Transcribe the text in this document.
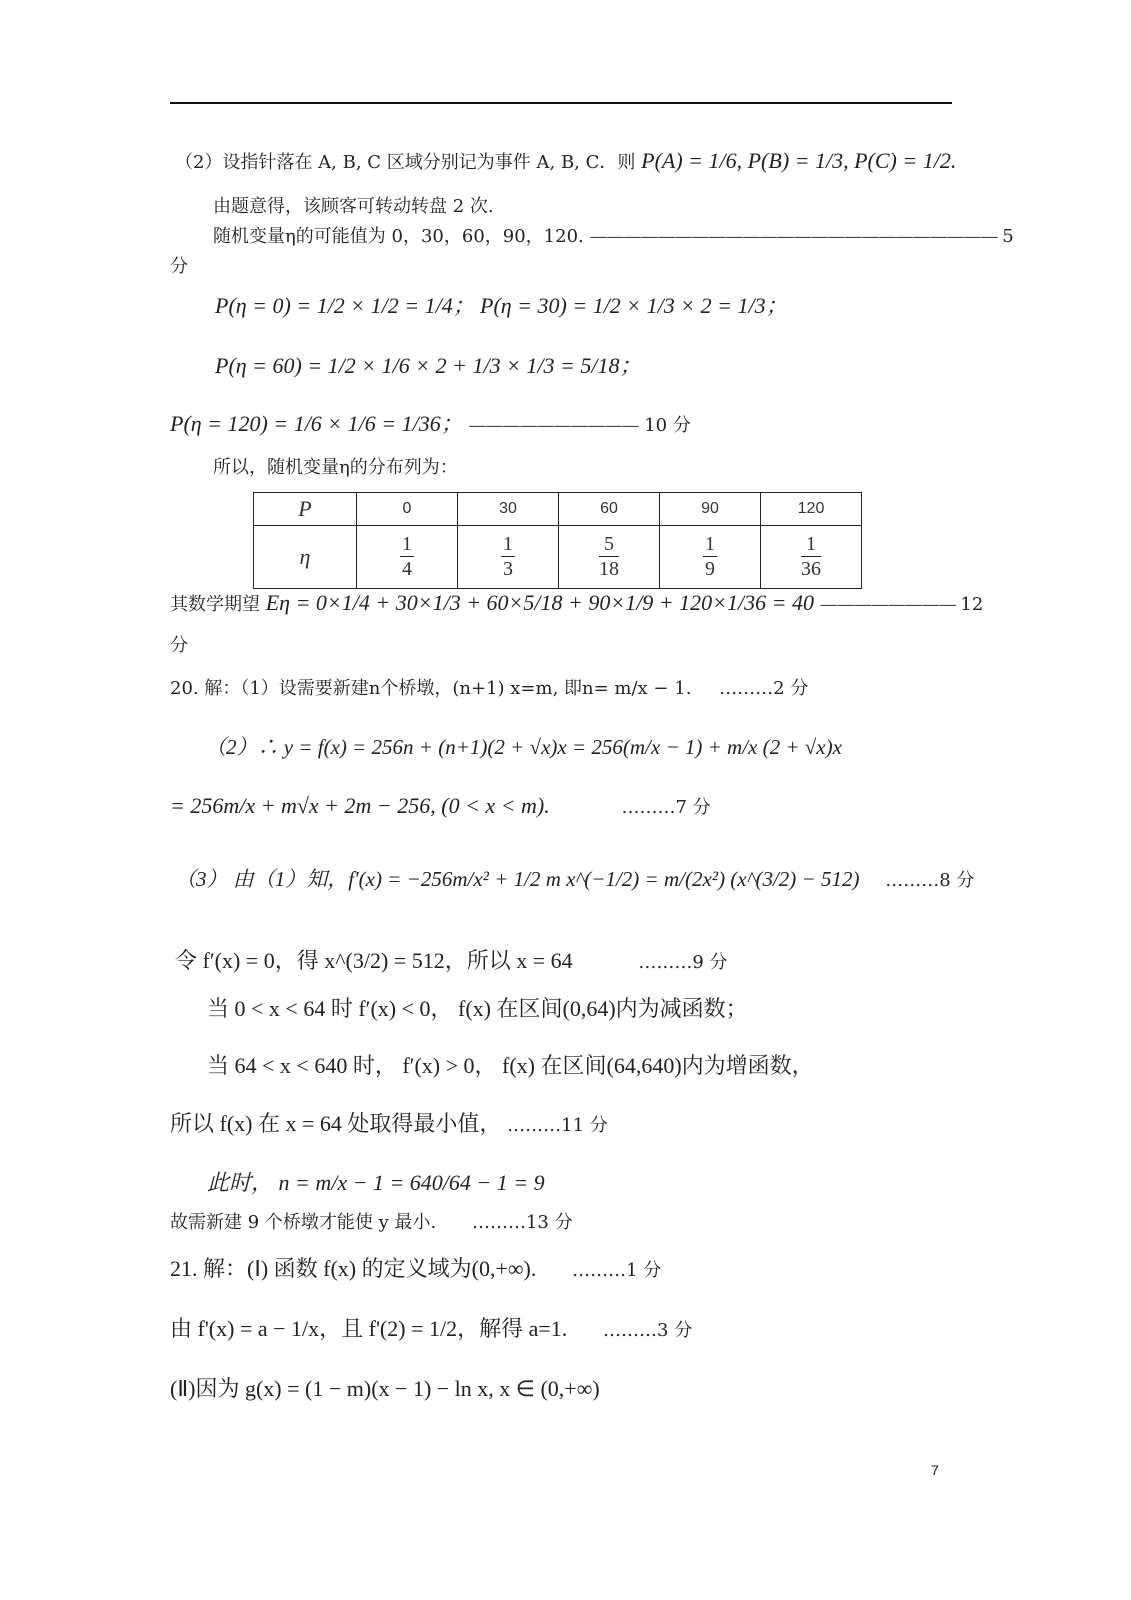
（2）设指针落在 A, B, C 区域分别记为事件 A, B, C．则 P(A) = 1/6, P(B) = 1/3, P(C) = 1/2.
由题意得，该顾客可转动转盘 2 次.
随机变量η的可能值为 0，30，60，90，120. ———————————————————————— 5
分
P(η = 0) = 1/2 × 1/2 = 1/4； P(η = 30) = 1/2 × 1/3 × 2 = 1/3；
P(η = 60) = 1/2 × 1/6 × 2 + 1/3 × 1/3 = 5/18；
P(η = 120) = 1/6 × 1/6 = 1/36； —————————— 10 分
所以，随机变量η的分布列为：
P	0	30	60	90	120
η	$\frac{1}{4}$	$\frac{1}{3}$	$\frac{5}{18}$	$\frac{1}{9}$	$\frac{1}{36}$
其数学期望 Eη = 0×1/4 + 30×1/3 + 60×5/18 + 90×1/9 + 120×1/36 = 40 ———————— 12
分
20. 解：（1）设需要新建n个桥墩，(n+1) x=m, 即n= m/x − 1. ………2 分
（2）∴ y = f(x) = 256n + (n+1)(2 + √x)x = 256(m/x − 1) + m/x (2 + √x)x
= 256m/x + m√x + 2m − 256, (0 < x < m).	………7 分
（3） 由（1）知，f′(x) = −256m/x² + 1/2 m x^(−1/2) = m/(2x²) (x^(3/2) − 512) ………8 分
令 f′(x) = 0，得 x^(3/2) = 512，所以 x = 64	………9 分
当 0 < x < 64 时 f′(x) < 0， f(x) 在区间(0,64)内为减函数；
当 64 < x < 640 时， f′(x) > 0， f(x) 在区间(64,640)内为增函数，
所以 f(x) 在 x = 64 处取得最小值， ………11 分
此时， n = m/x − 1 = 640/64 − 1 = 9
故需新建 9 个桥墩才能使 y 最小. ………13 分
21. 解：(Ⅰ) 函数 f(x) 的定义域为(0,+∞). ………1 分
由 f'(x) = a − 1/x，且 f'(2) = 1/2，解得 a=1. ………3 分
(Ⅱ)因为 g(x) = (1 − m)(x − 1) − ln x, x ∈ (0,+∞)
7
